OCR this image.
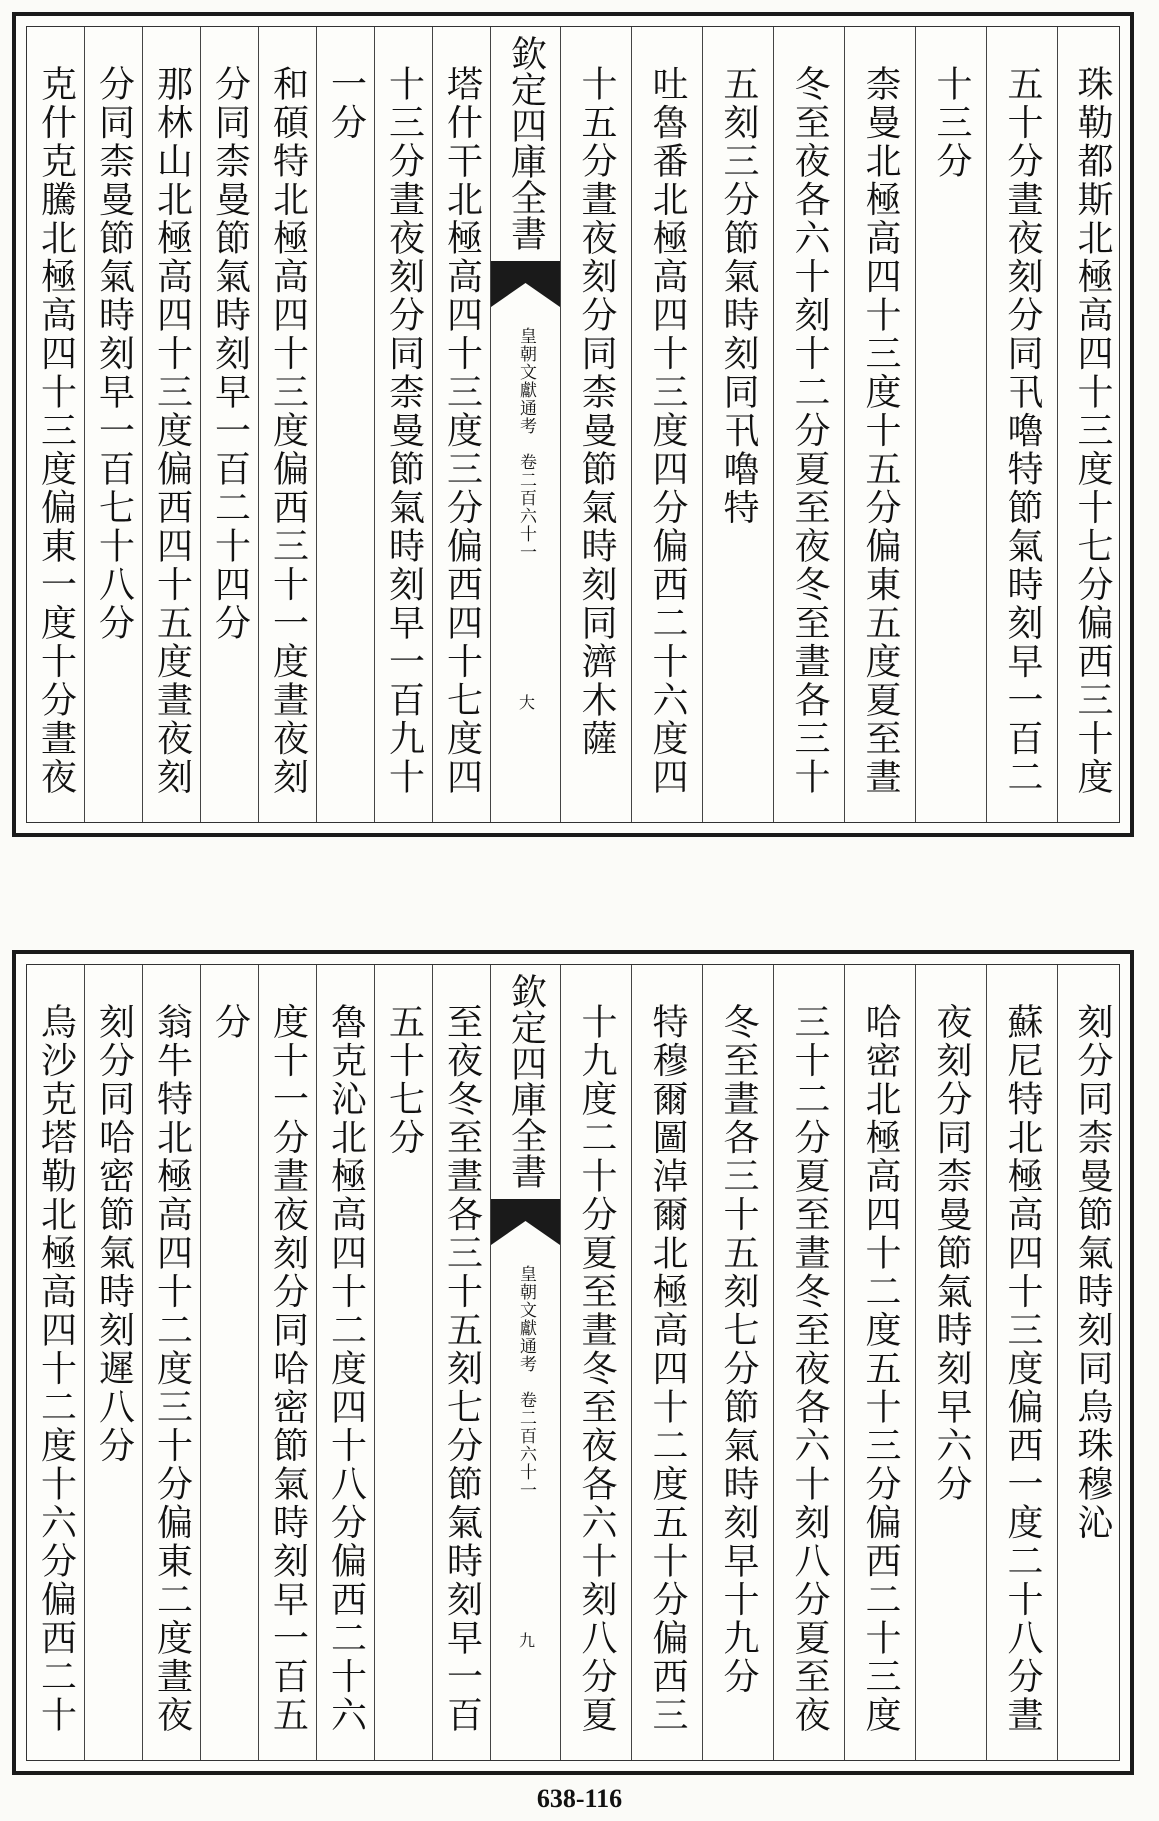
克什克騰北極高四十三度偏東一度十分晝夜 分同柰曼節氣時刻早一百七十八分 那林山北極高四十三度偏西四十五度晝夜刻 分同柰曼節氣時刻早一百二十四分 和碩特北極高四十三度偏西三十一度晝夜刻 一分 十三分晝夜刻分同柰曼節氣時刻早一百九十 塔什干北極高四十三度三分偏西四十七度四 欽定四庫全書
皇朝文獻通考　卷二百六十一
大 十五分晝夜刻分同柰曼節氣時刻同濟木薩 吐魯番北極高四十三度四分偏西二十六度四 五刻三分節氣時刻同卂嚕特 冬至夜各六十刻十二分夏至夜冬至晝各三十 柰曼北極高四十三度十五分偏東五度夏至晝 十三分 五十分晝夜刻分同卂嚕特節氣時刻早一百二 珠勒都斯北極高四十三度十七分偏西三十度
烏沙克塔勒北極高四十二度十六分偏西二十 刻分同哈密節氣時刻遲八分 翁牛特北極高四十二度三十分偏東二度晝夜 分 度十一分晝夜刻分同哈密節氣時刻早一百五 魯克沁北極高四十二度四十八分偏西二十六 五十七分 至夜冬至晝各三十五刻七分節氣時刻早一百 欽定四庫全書
皇朝文獻通考　卷二百六十一
九 十九度二十分夏至晝冬至夜各六十刻八分夏 特穆爾圖淖爾北極高四十二度五十分偏西三 冬至晝各三十五刻七分節氣時刻早十九分 三十二分夏至晝冬至夜各六十刻八分夏至夜 哈密北極高四十二度五十三分偏西二十三度 夜刻分同柰曼節氣時刻早六分 蘇尼特北極高四十三度偏西一度二十八分晝 刻分同柰曼節氣時刻同烏珠穆沁
638-116
